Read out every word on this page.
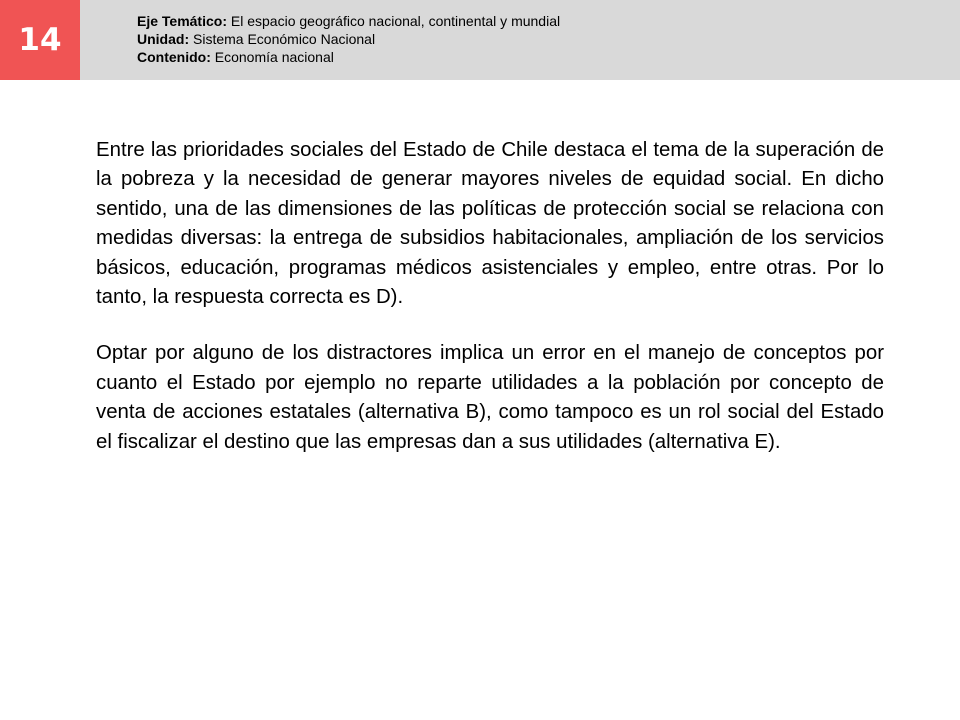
14
Eje Temático: El espacio geográfico nacional, continental y mundial
Unidad: Sistema Económico Nacional
Contenido: Economía nacional

Entre las prioridades sociales del Estado de Chile destaca el tema de la superación de la pobreza y la necesidad de generar mayores niveles de equidad social. En dicho sentido, una de las dimensiones de las políticas de protección social se relaciona con medidas diversas: la entrega de subsidios habitacionales, ampliación de los servicios básicos, educación, programas médicos asistenciales y empleo, entre otras. Por lo tanto, la respuesta correcta es D).

Optar por alguno de los distractores implica un error en el manejo de conceptos por cuanto el Estado por ejemplo no reparte utilidades a la población por concepto de venta de acciones estatales (alternativa B), como tampoco es un rol social del Estado el fiscalizar el destino que las empresas dan a sus utilidades (alternativa E).
